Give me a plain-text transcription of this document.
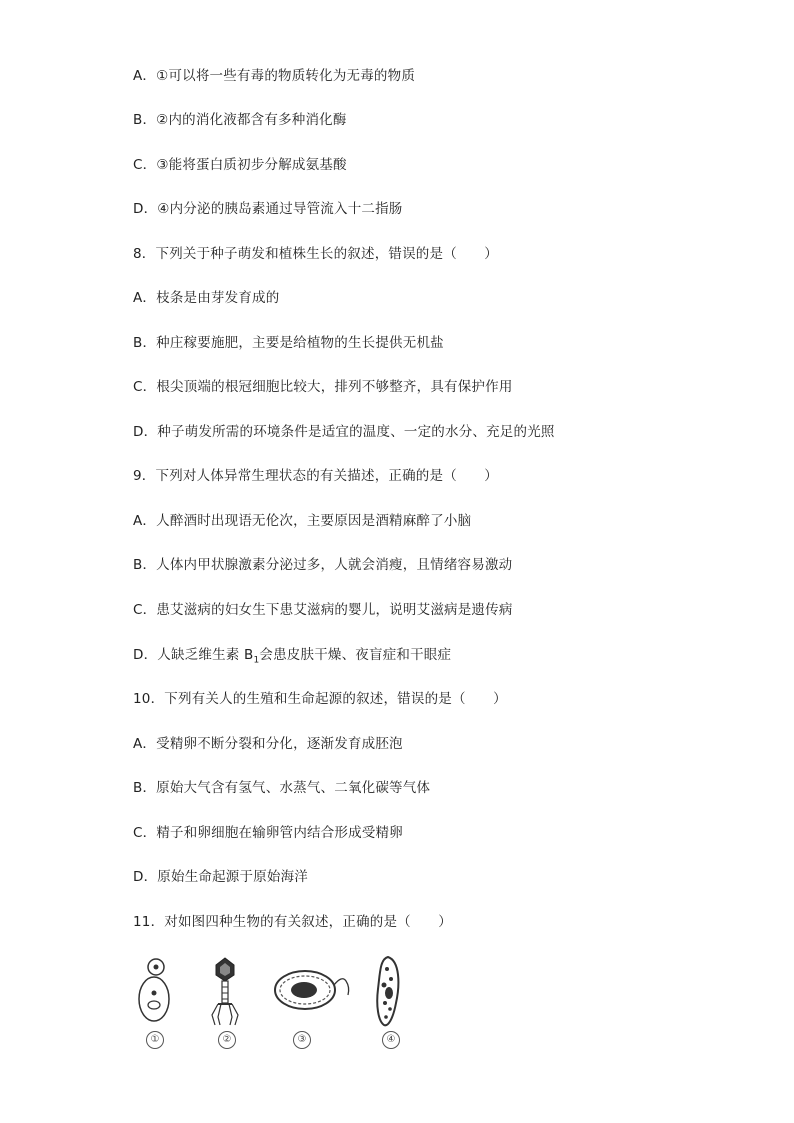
A．①可以将一些有毒的物质转化为无毒的物质
B．②内的消化液都含有多种消化酶
C．③能将蛋白质初步分解成氨基酸
D．④内分泌的胰岛素通过导管流入十二指肠
8．下列关于种子萌发和植株生长的叙述，错误的是（　　）
A．枝条是由芽发育成的
B．种庄稼要施肥，主要是给植物的生长提供无机盐
C．根尖顶端的根冠细胞比较大，排列不够整齐，具有保护作用
D．种子萌发所需的环境条件是适宜的温度、一定的水分、充足的光照
9．下列对人体异常生理状态的有关描述，正确的是（　　）
A．人醉酒时出现语无伦次，主要原因是酒精麻醉了小脑
B．人体内甲状腺激素分泌过多，人就会消瘦，且情绪容易激动
C．患艾滋病的妇女生下患艾滋病的婴儿，说明艾滋病是遗传病
D．人缺乏维生素 $B_1$会患皮肤干燥、夜盲症和干眼症
10．下列有关人的生殖和生命起源的叙述，错误的是（　　）
A．受精卵不断分裂和分化，逐渐发育成胚泡
B．原始大气含有氢气、水蒸气、二氧化碳等气体
C．精子和卵细胞在输卵管内结合形成受精卵
D．原始生命起源于原始海洋
11．对如图四种生物的有关叙述，正确的是（　　）
①	②	③	④
